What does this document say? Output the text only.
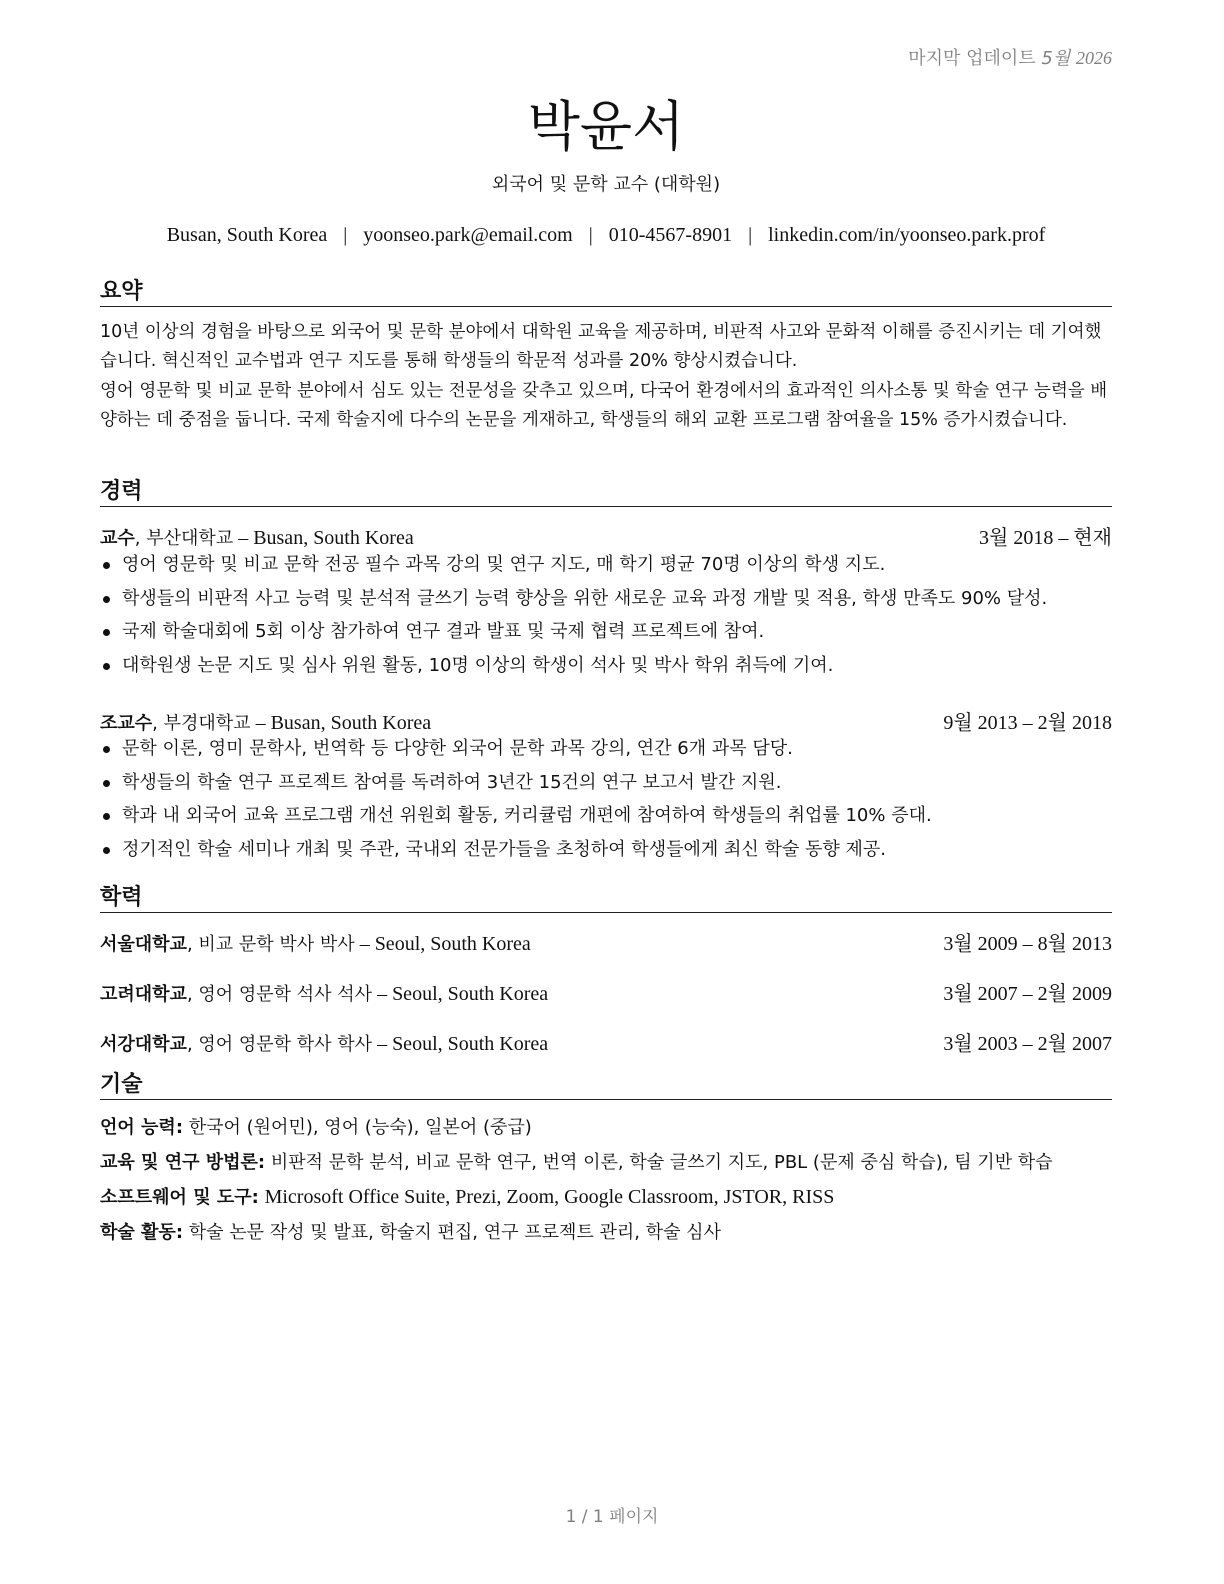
마지막 업데이트 5월 2026
박윤서
외국어 및 문학 교수 (대학원)
Busan, South Korea | yoonseo.park@email.com | 010-4567-8901 | linkedin.com/in/yoonseo.park.prof
요약
10년 이상의 경험을 바탕으로 외국어 및 문학 분야에서 대학원 교육을 제공하며, 비판적 사고와 문화적 이해를 증진시키는 데 기여했습니다. 혁신적인 교수법과 연구 지도를 통해 학생들의 학문적 성과를 20% 향상시켰습니다.
영어 영문학 및 비교 문학 분야에서 심도 있는 전문성을 갖추고 있으며, 다국어 환경에서의 효과적인 의사소통 및 학술 연구 능력을 배양하는 데 중점을 둡니다. 국제 학술지에 다수의 논문을 게재하고, 학생들의 해외 교환 프로그램 참여율을 15% 증가시켰습니다.
경력
교수, 부산대학교 – Busan, South Korea	3월 2018 – 현재
영어 영문학 및 비교 문학 전공 필수 과목 강의 및 연구 지도, 매 학기 평균 70명 이상의 학생 지도.
학생들의 비판적 사고 능력 및 분석적 글쓰기 능력 향상을 위한 새로운 교육 과정 개발 및 적용, 학생 만족도 90% 달성.
국제 학술대회에 5회 이상 참가하여 연구 결과 발표 및 국제 협력 프로젝트에 참여.
대학원생 논문 지도 및 심사 위원 활동, 10명 이상의 학생이 석사 및 박사 학위 취득에 기여.
조교수, 부경대학교 – Busan, South Korea	9월 2013 – 2월 2018
문학 이론, 영미 문학사, 번역학 등 다양한 외국어 문학 과목 강의, 연간 6개 과목 담당.
학생들의 학술 연구 프로젝트 참여를 독려하여 3년간 15건의 연구 보고서 발간 지원.
학과 내 외국어 교육 프로그램 개선 위원회 활동, 커리큘럼 개편에 참여하여 학생들의 취업률 10% 증대.
정기적인 학술 세미나 개최 및 주관, 국내외 전문가들을 초청하여 학생들에게 최신 학술 동향 제공.
학력
서울대학교, 비교 문학 박사 박사 – Seoul, South Korea	3월 2009 – 8월 2013
고려대학교, 영어 영문학 석사 석사 – Seoul, South Korea	3월 2007 – 2월 2009
서강대학교, 영어 영문학 학사 학사 – Seoul, South Korea	3월 2003 – 2월 2007
기술
언어 능력: 한국어 (원어민), 영어 (능숙), 일본어 (중급)
교육 및 연구 방법론: 비판적 문학 분석, 비교 문학 연구, 번역 이론, 학술 글쓰기 지도, PBL (문제 중심 학습), 팀 기반 학습
소프트웨어 및 도구: Microsoft Office Suite, Prezi, Zoom, Google Classroom, JSTOR, RISS
학술 활동: 학술 논문 작성 및 발표, 학술지 편집, 연구 프로젝트 관리, 학술 심사
1 / 1 페이지
